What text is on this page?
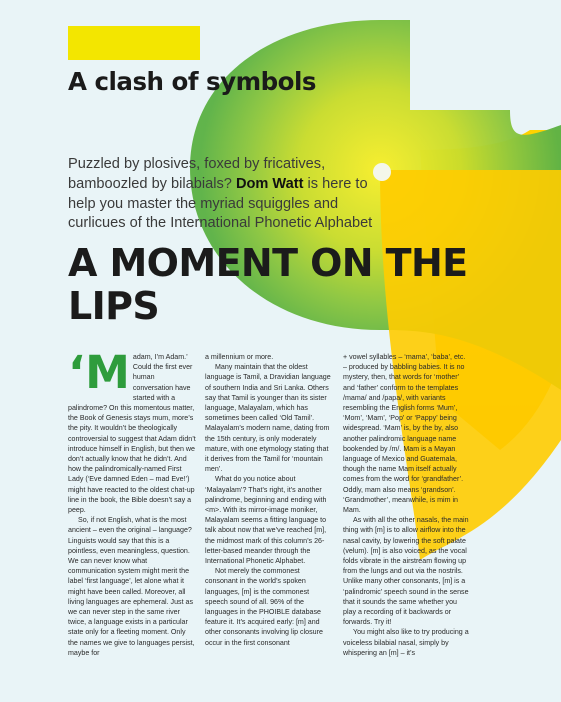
A clash of symbols
Puzzled by plosives, foxed by fricatives, bamboozled by bilabials? Dom Watt is here to help you master the myriad squiggles and curlicues of the International Phonetic Alphabet
A MOMENT ON THE LIPS

‘M adam, I’m Adam.’ Could the first ever human conversation have started with a palindrome? On this momentous matter, the Book of Genesis stays mum, more’s the pity. It wouldn’t be theologically controversial to suggest that Adam didn’t introduce himself in English, but then we don’t actually know that he didn’t. And how the palindromically-named First Lady (‘Eve damned Eden – mad Eve!’) might have reacted to the oldest chat-up line in the book, the Bible doesn’t say a peep.

So, if not English, what is the most ancient – even the original – language? Linguists would say that this is a pointless, even meaningless, question. We can never know what communication system might merit the label ‘first language’, let alone what it might have been called. Moreover, all living languages are ephemeral. Just as we can never step in the same river twice, a language exists in a particular state only for a fleeting moment. Only the names we give to languages persist, maybe for

a millennium or more.

Many maintain that the oldest language is Tamil, a Dravidian language of southern India and Sri Lanka. Others say that Tamil is younger than its sister language, Malayalam, which has sometimes been called ‘Old Tamil’. Malayalam’s modern name, dating from the 15th century, is only moderately mature, with one etymology stating that it derives from the Tamil for ‘mountain men’.

What do you notice about ‘Malayalam’? That’s right, it’s another palindrome, beginning and ending with <m>. With its mirror-image moniker, Malayalam seems a fitting language to talk about now that we’ve reached [m], the midmost mark of this column’s 26-letter-based meander through the International Phonetic Alphabet.

Not merely the commonest consonant in the world’s spoken languages, [m] is the commonest speech sound of all. 96% of the languages in the PHOIBLE database feature it. It’s acquired early: [m] and other consonants involving lip closure occur in the first consonant

+ vowel syllables – ‘mama’, ‘baba’, etc. – produced by babbling babies. It is no mystery, then, that words for ‘mother’ and ‘father’ conform to the templates /mama/ and /papa/, with variants resembling the English forms ‘Mum’, ‘Mom’, ‘Mam’, ‘Pop’ or ‘Pappy’ being widespread. ‘Mam’ is, by the by, also another palindromic language name bookended by /m/. Mam is a Mayan language of Mexico and Guatemala, though the name Mam itself actually comes from the word for ‘grandfather’. Oddly, mam also means ‘grandson’. ‘Grandmother’, meanwhile, is mim in Mam.

As with all the other nasals, the main thing with [m] is to allow airflow into the nasal cavity, by lowering the soft palate (velum). [m] is also voiced, as the vocal folds vibrate in the airstream flowing up from the lungs and out via the nostrils. Unlike many other consonants, [m] is a ‘palindromic’ speech sound in the sense that it sounds the same whether you play a recording of it backwards or forwards. Try it!

You might also like to try producing a voiceless bilabial nasal, simply by whispering an [m] – it’s
